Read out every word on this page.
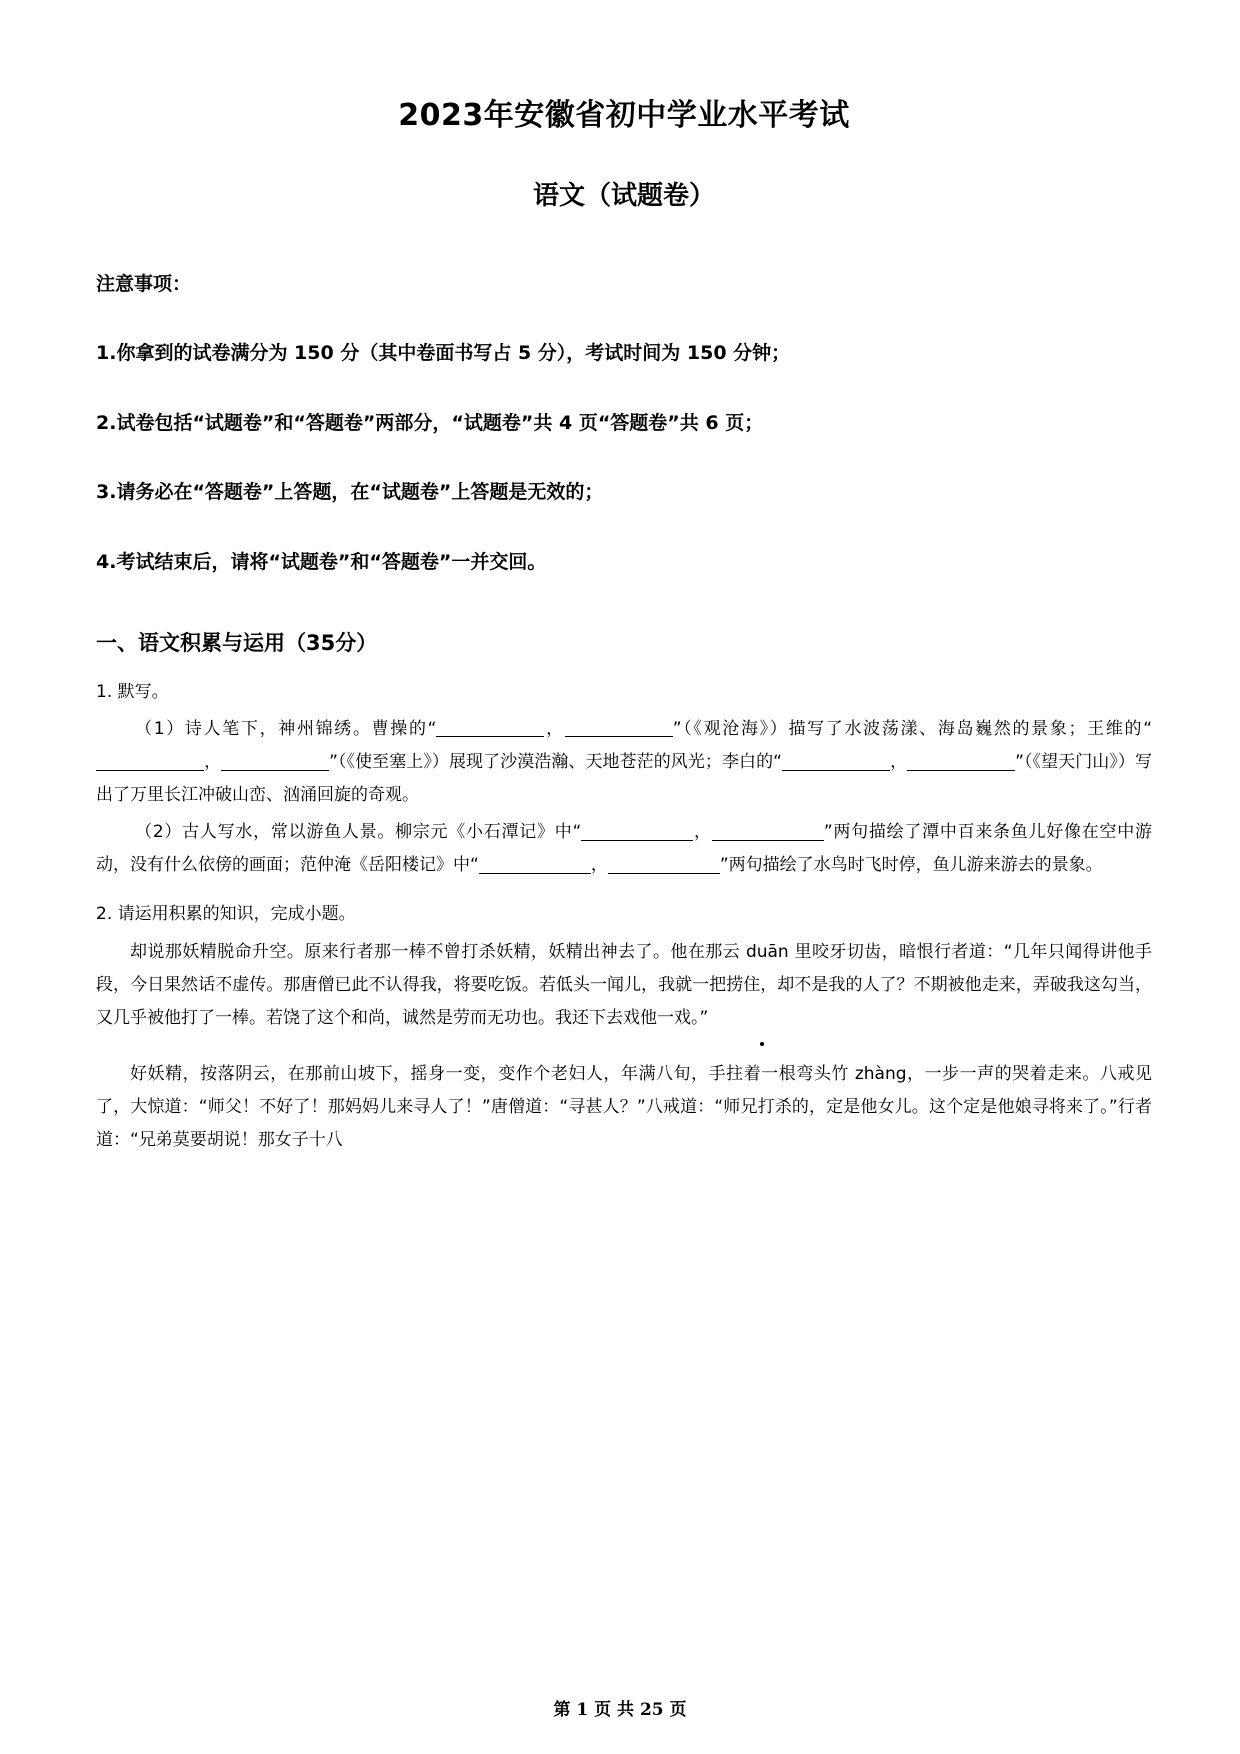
2023年安徽省初中学业水平考试
语文（试题卷）

注意事项：

1.你拿到的试卷满分为 150 分（其中卷面书写占 5 分），考试时间为 150 分钟；

2.试卷包括“试题卷”和“答题卷”两部分，“试题卷”共 4 页“答题卷”共 6 页；

3.请务必在“答题卷”上答题，在“试题卷”上答题是无效的；

4.考试结束后，请将“试题卷”和“答题卷”一并交回。

一、语文积累与运用（35分）

1. 默写。

（1）诗人笔下，神州锦绣。曹操的“	，	”（《观沧海》）描写了水波荡漾、海岛巍然的景象；王维的“，	”（《使至塞上》）展现了沙漠浩瀚、天地苍茫的风光；李白的“	，	”（《望天门山》）写出了万里长江冲破山峦、汹涌回旋的奇观。

（2）古人写水，常以游鱼人景。柳宗元《小石潭记》中“	，	”两句描绘了潭中百来条鱼儿好像在空中游动，没有什么依傍的画面；范仲淹《岳阳楼记》中“	，	”两句描绘了水鸟时飞时停，鱼儿游来游去的景象。

2. 请运用积累的知识，完成小题。

却说那妖精脱命升空。原来行者那一棒不曾打杀妖精，妖精出神去了。他在那云 duān 里咬牙切齿，暗恨行者道：“几年只闻得讲他手段，今日果然话不虚传。那唐僧已此不认得我，将要吃饭。若低头一闻儿，我就一把捞住，却不是我的人了？不期被他走来，弄破我这勾当，又几乎被他打了一棒。若饶了这个和尚，诚然是劳而无功也。我还下去戏他一戏。”

好妖精，按落阴云，在那前山坡下，摇身一变，变作个老妇人，年满八旬，手拄着一根弯头竹 zhàng，一步一声的哭着走来。八戒见了，大惊道：“师父！不好了！那妈妈儿来寻人了！”唐僧道：“寻甚人？”八戒道：“师兄打杀的，定是他女儿。这个定是他娘寻将来了。”行者道：“兄弟莫要胡说！那女子十八

第 1 页 共 25 页
